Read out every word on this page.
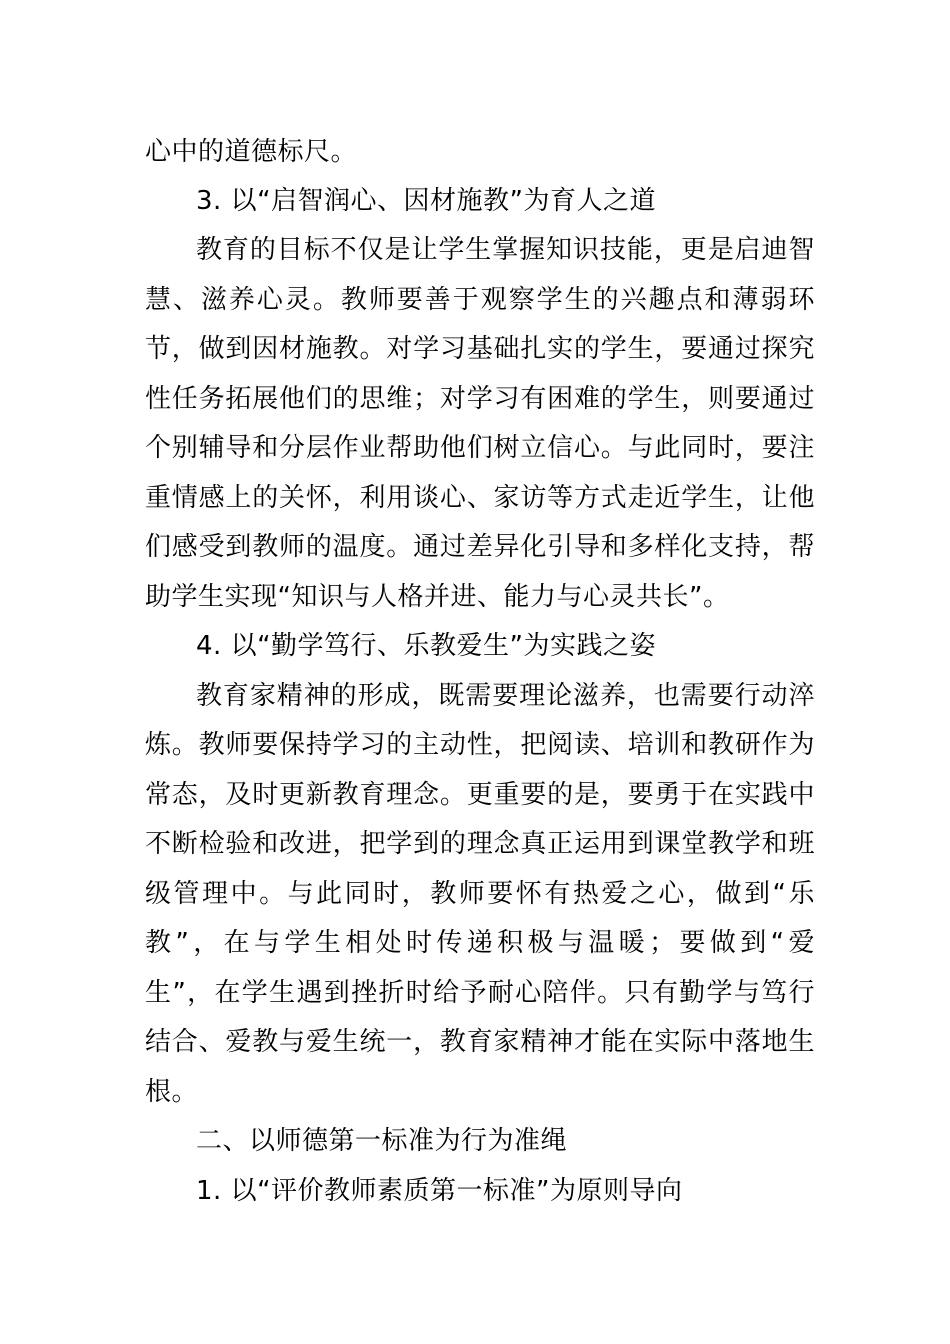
心中的道德标尺。
3. 以“启智润心、因材施教”为育人之道
教育的目标不仅是让学生掌握知识技能，更是启迪智
慧、滋养心灵。教师要善于观察学生的兴趣点和薄弱环
节，做到因材施教。对学习基础扎实的学生，要通过探究
性任务拓展他们的思维；对学习有困难的学生，则要通过
个别辅导和分层作业帮助他们树立信心。与此同时，要注
重情感上的关怀，利用谈心、家访等方式走近学生，让他
们感受到教师的温度。通过差异化引导和多样化支持，帮
助学生实现“知识与人格并进、能力与心灵共长”。
4. 以“勤学笃行、乐教爱生”为实践之姿
教育家精神的形成，既需要理论滋养，也需要行动淬
炼。教师要保持学习的主动性，把阅读、培训和教研作为
常态，及时更新教育理念。更重要的是，要勇于在实践中
不断检验和改进，把学到的理念真正运用到课堂教学和班
级管理中。与此同时，教师要怀有热爱之心，做到“乐
教”，在与学生相处时传递积极与温暖；要做到“爱
生”，在学生遇到挫折时给予耐心陪伴。只有勤学与笃行
结合、爱教与爱生统一，教育家精神才能在实际中落地生
根。
二、以师德第一标准为行为准绳
1. 以“评价教师素质第一标准”为原则导向
